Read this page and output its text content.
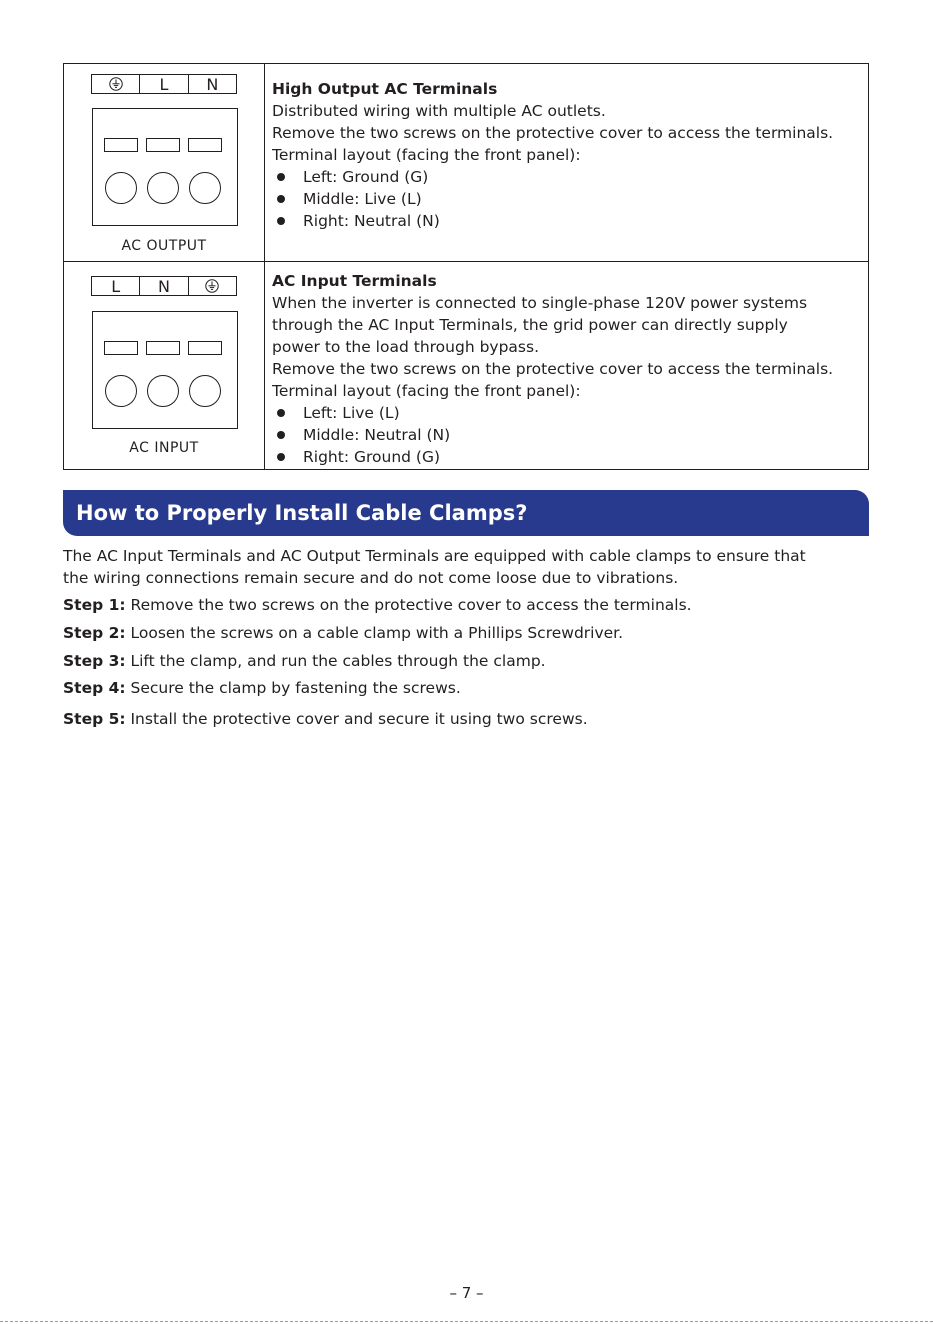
L	N
AC OUTPUT
High Output AC Terminals
Distributed wiring with multiple AC outlets.
Remove the two screws on the protective cover to access the terminals.
Terminal layout (facing the front panel):
Left: Ground (G)
Middle: Live (L)
Right: Neutral (N)
L	N
AC INPUT
AC Input Terminals
When the inverter is connected to single-phase 120V power systems
through the AC Input Terminals, the grid power can directly supply
power to the load through bypass.
Remove the two screws on the protective cover to access the terminals.
Terminal layout (facing the front panel):
Left: Live (L)
Middle: Neutral (N)
Right: Ground (G)
How to Properly Install Cable Clamps?
The AC Input Terminals and AC Output Terminals are equipped with cable clamps to ensure that
the wiring connections remain secure and do not come loose due to vibrations.
Step 1: Remove the two screws on the protective cover to access the terminals.
Step 2: Loosen the screws on a cable clamp with a Phillips Screwdriver.
Step 3: Lift the clamp, and run the cables through the clamp.
Step 4: Secure the clamp by fastening the screws.
Step 5: Install the protective cover and secure it using two screws.
– 7 –
